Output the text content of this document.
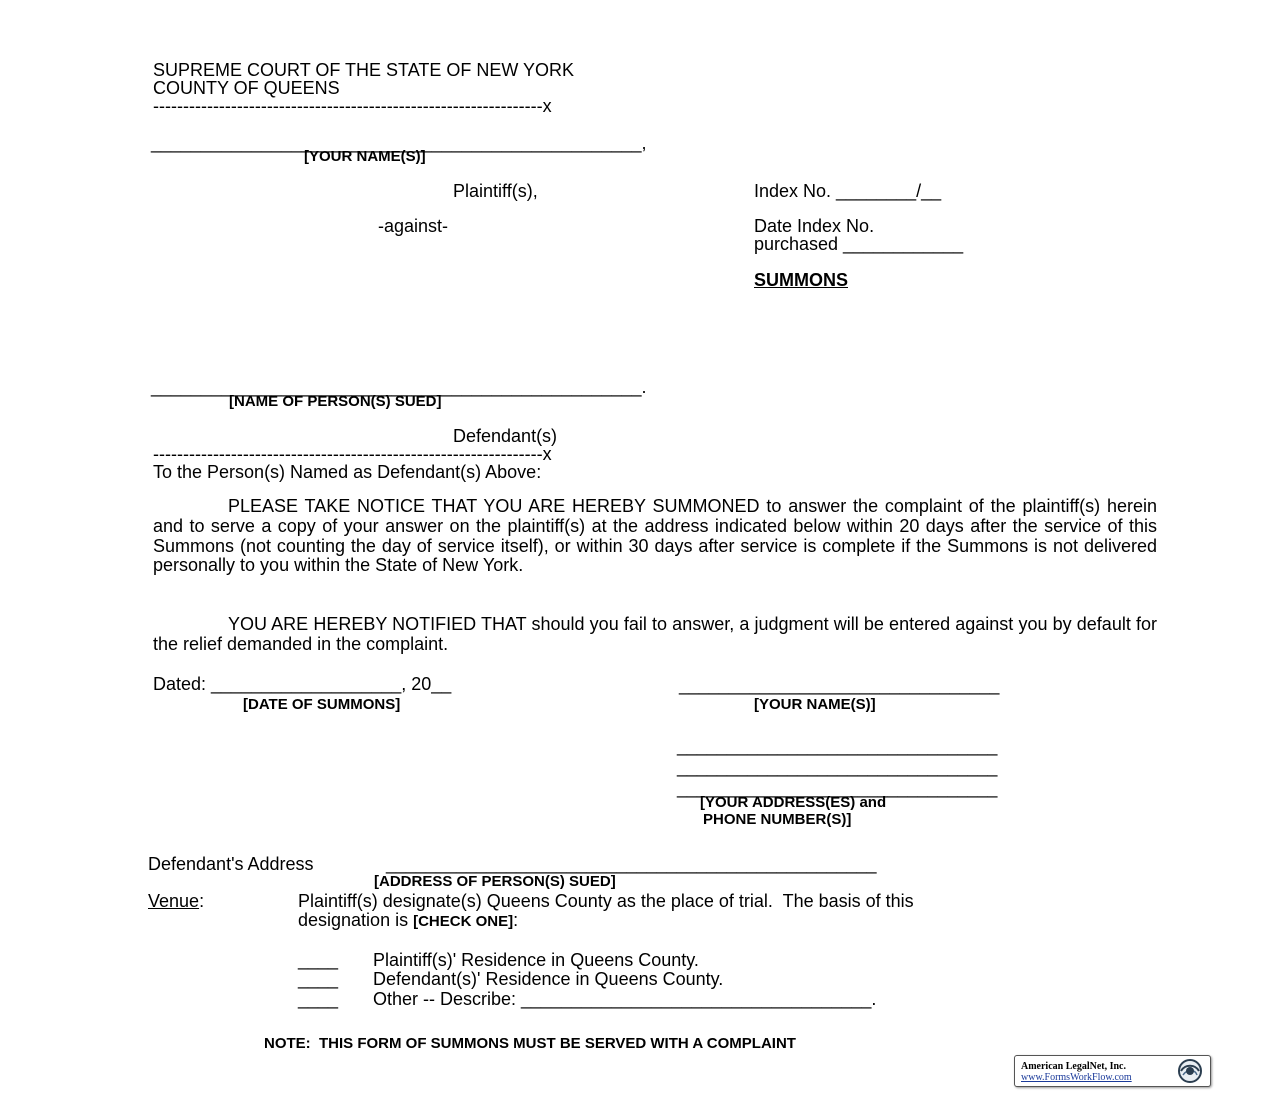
SUPREME COURT OF THE STATE OF NEW YORK
COUNTY OF QUEENS
-----------------------------------------------------------------x
_________________________________________________,
[YOUR NAME(S)]
Plaintiff(s),
-against-
_________________________________________________.
[NAME OF PERSON(S) SUED]
Defendant(s)
-----------------------------------------------------------------x
Index No. ________/__
Date Index No.
purchased ____________
SUMMONS
To the Person(s) Named as Defendant(s) Above:

PLEASE TAKE NOTICE THAT YOU ARE HEREBY SUMMONED to answer the complaint of the plaintiff(s) herein and to serve a copy of your answer on the plaintiff(s) at the address indicated below within 20 days after the service of this Summons (not counting the day of service itself), or within 30 days after service is complete if the Summons is not delivered personally to you within the State of New York.

YOU ARE HEREBY NOTIFIED THAT should you fail to answer, a judgment will be entered against you by default for the relief demanded in the complaint.

Dated: ___________________, 20__
[DATE OF SUMMONS]
________________________________
[YOUR NAME(S)]
________________________________
________________________________
________________________________
[YOUR ADDRESS(ES) and
PHONE NUMBER(S)]
Defendant's Address	_________________________________________________
[ADDRESS OF PERSON(S) SUED]
Venue:	Plaintiff(s) designate(s) Queens County as the place of trial.  The basis of this
designation is [CHECK ONE]:
____ Plaintiff(s)' Residence in Queens County.
____ Defendant(s)' Residence in Queens County.
____ Other -- Describe: ___________________________________.
NOTE:  THIS FORM OF SUMMONS MUST BE SERVED WITH A COMPLAINT
American LegalNet, Inc.
www.FormsWorkFlow.com
